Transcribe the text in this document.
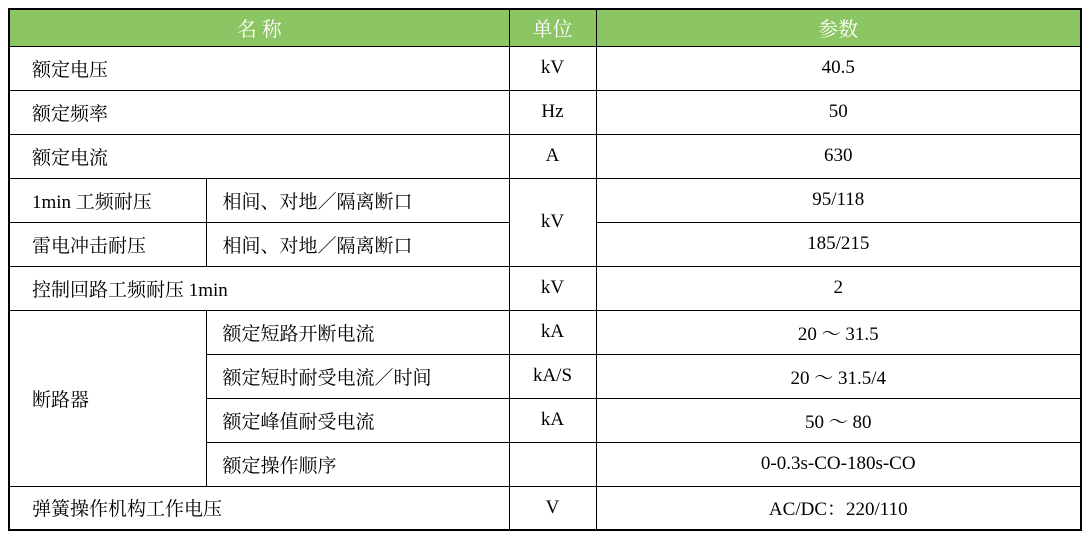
名 称		单位	参数
额定电压		kV	40.5
额定频率		Hz	50
额定电流		A	630
1min 工频耐压	相间、对地／隔离断口	kV	95/118
雷电冲击耐压	相间、对地／隔离断口		185/215
控制回路工频耐压 1min		kV	2
断路器	额定短路开断电流	kA	20 ～ 31.5
	额定短时耐受电流／时间	kA/S	20 ～ 31.5/4
	额定峰值耐受电流	kA	50 ～ 80
	额定操作顺序		0-0.3s-CO-180s-CO
弹簧操作机构工作电压		V	AC/DC：220/110
